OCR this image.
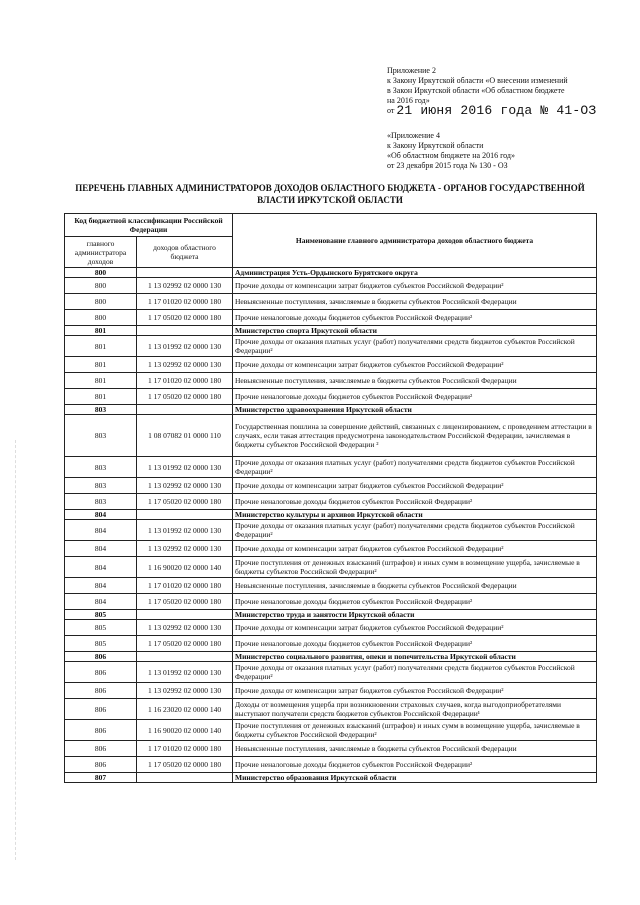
Приложение 2
к Закону Иркутской области «О внесении изменений
в Закон Иркутской области «Об областном бюджете
на 2016 год»
от 21 июня 2016 года № 41-ОЗ
«Приложение 4
к Закону Иркутской области
«Об областном бюджете на 2016 год»
от 23 декабря 2015 года № 130 - ОЗ
ПЕРЕЧЕНЬ ГЛАВНЫХ АДМИНИСТРАТОРОВ ДОХОДОВ ОБЛАСТНОГО БЮДЖЕТА - ОРГАНОВ ГОСУДАРСТВЕННОЙ
ВЛАСТИ ИРКУТСКОЙ ОБЛАСТИ
Код бюджетной классификации Российской Федерации		Наименование главного администратора доходов областного бюджета
главного администратора доходов	доходов областного бюджета	
800		Администрация Усть-Ордынского Бурятского округа
800	1 13 02992 02 0000 130	Прочие доходы от компенсации затрат бюджетов субъектов Российской Федерации²
800	1 17 01020 02 0000 180	Невыясненные поступления, зачисляемые в бюджеты субъектов Российской Федерации
800	1 17 05020 02 0000 180	Прочие неналоговые доходы бюджетов субъектов Российской Федерации²
801		Министерство спорта Иркутской области
801	1 13 01992 02 0000 130	Прочие доходы от оказания платных услуг (работ) получателями средств бюджетов субъектов Российской Федерации²
801	1 13 02992 02 0000 130	Прочие доходы от компенсации затрат бюджетов субъектов Российской Федерации²
801	1 17 01020 02 0000 180	Невыясненные поступления, зачисляемые в бюджеты субъектов Российской Федерации
801	1 17 05020 02 0000 180	Прочие неналоговые доходы бюджетов субъектов Российской Федерации²
803		Министерство здравоохранения Иркутской области
803	1 08 07082 01 0000 110	Государственная пошлина за совершение действий, связанных с лицензированием, с проведением аттестации в случаях, если такая аттестация предусмотрена законодательством Российской Федерации, зачисляемая в бюджеты субъектов Российской Федерации ²
803	1 13 01992 02 0000 130	Прочие доходы от оказания платных услуг (работ) получателями средств бюджетов субъектов Российской Федерации²
803	1 13 02992 02 0000 130	Прочие доходы от компенсации затрат бюджетов субъектов Российской Федерации²
803	1 17 05020 02 0000 180	Прочие неналоговые доходы бюджетов субъектов Российской Федерации²
804		Министерство культуры и архивов Иркутской области
804	1 13 01992 02 0000 130	Прочие доходы от оказания платных услуг (работ) получателями средств бюджетов субъектов Российской Федерации²
804	1 13 02992 02 0000 130	Прочие доходы от компенсации затрат бюджетов субъектов Российской Федерации²
804	1 16 90020 02 0000 140	Прочие поступления от денежных взысканий (штрафов) и иных сумм в возмещение ущерба, зачисляемые в бюджеты субъектов Российской Федерации²
804	1 17 01020 02 0000 180	Невыясненные поступления, зачисляемые в бюджеты субъектов Российской Федерации
804	1 17 05020 02 0000 180	Прочие неналоговые доходы бюджетов субъектов Российской Федерации²
805		Министерство труда и занятости Иркутской области
805	1 13 02992 02 0000 130	Прочие доходы от компенсации затрат бюджетов субъектов Российской Федерации²
805	1 17 05020 02 0000 180	Прочие неналоговые доходы бюджетов субъектов Российской Федерации²
806		Министерство социального развития, опеки и попечительства Иркутской области
806	1 13 01992 02 0000 130	Прочие доходы от оказания платных услуг (работ) получателями средств бюджетов субъектов Российской Федерации²
806	1 13 02992 02 0000 130	Прочие доходы от компенсации затрат бюджетов субъектов Российской Федерации²
806	1 16 23020 02 0000 140	Доходы от возмещения ущерба при возникновении страховых случаев, когда выгодоприобретателями выступают получатели средств бюджетов субъектов Российской Федерации¹
806	1 16 90020 02 0000 140	Прочие поступления от денежных взысканий (штрафов) и иных сумм в возмещение ущерба, зачисляемые в бюджеты субъектов Российской Федерации²
806	1 17 01020 02 0000 180	Невыясненные поступления, зачисляемые в бюджеты субъектов Российской Федерации
806	1 17 05020 02 0000 180	Прочие неналоговые доходы бюджетов субъектов Российской Федерации²
807		Министерство образования Иркутской области
